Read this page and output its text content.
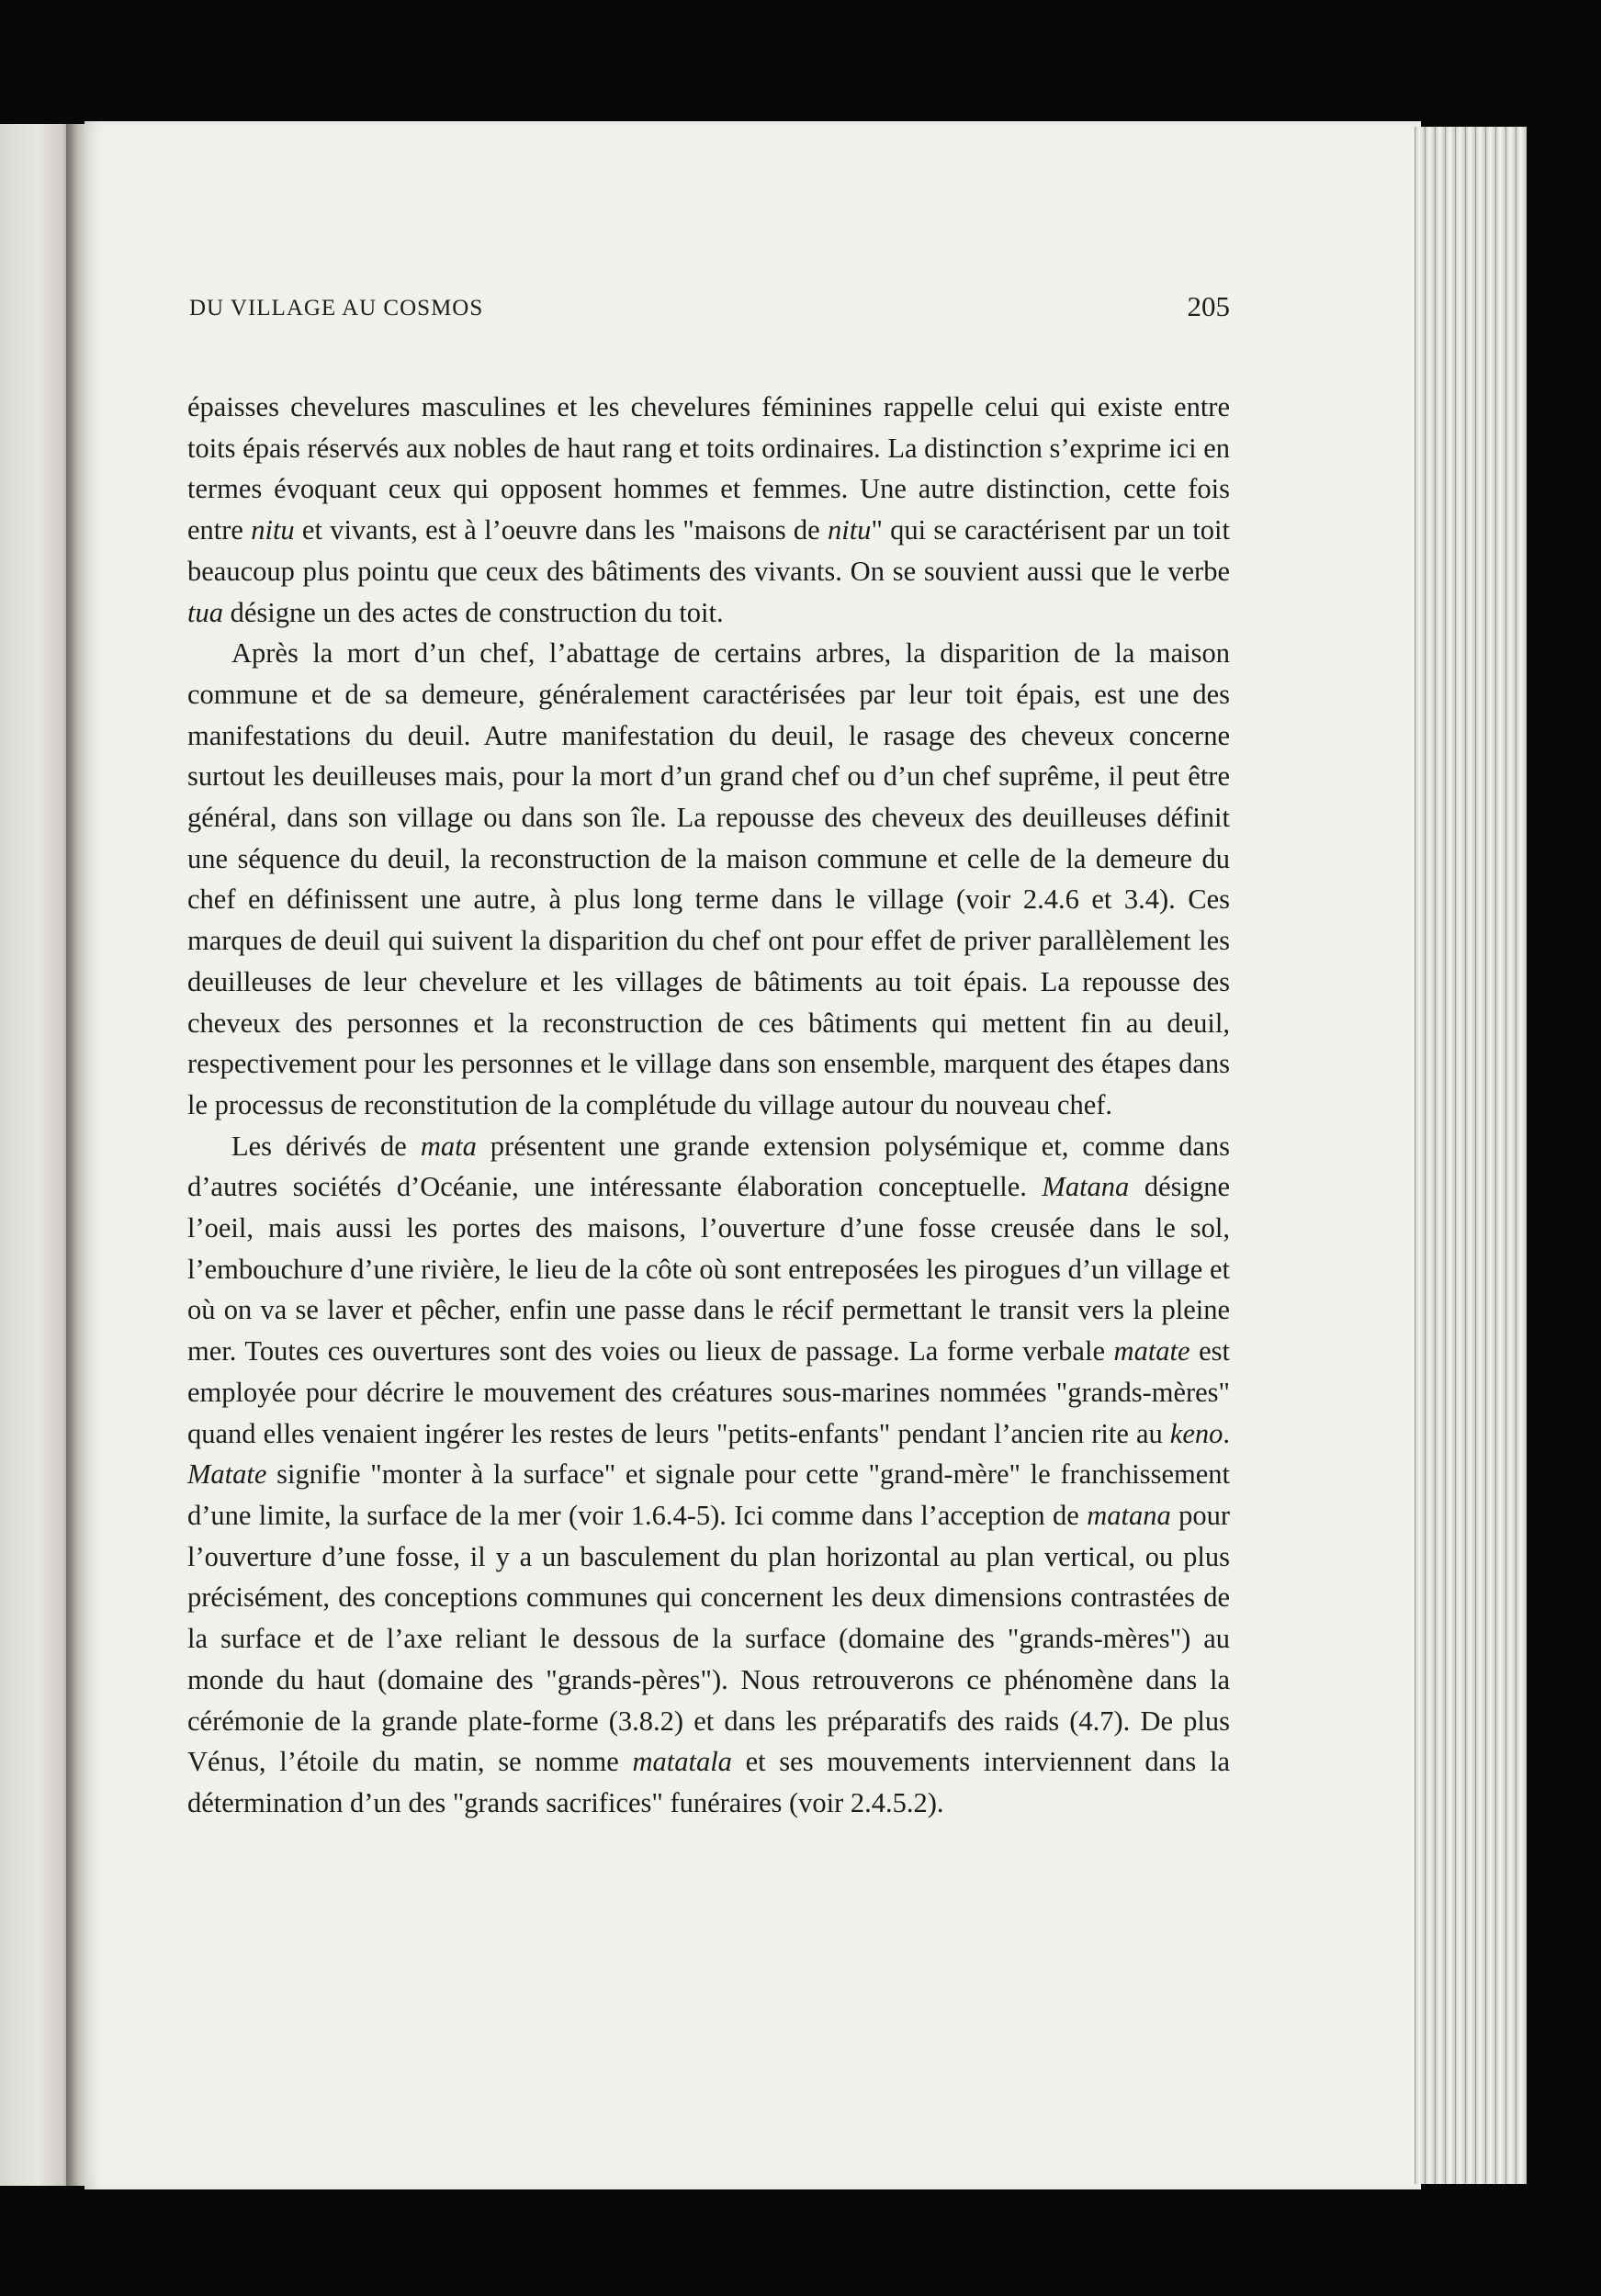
DU VILLAGE AU COSMOS	205

épaisses chevelures masculines et les chevelures féminines rappelle celui qui existe entre toits épais réservés aux nobles de haut rang et toits ordinaires. La distinction s’exprime ici en termes évoquant ceux qui opposent hommes et femmes. Une autre distinction, cette fois entre nitu et vivants, est à l’oeuvre dans les "maisons de nitu" qui se caractérisent par un toit beaucoup plus pointu que ceux des bâtiments des vivants. On se souvient aussi que le verbe tua désigne un des actes de construction du toit.

Après la mort d’un chef, l’abattage de certains arbres, la disparition de la maison commune et de sa demeure, généralement caractérisées par leur toit épais, est une des manifestations du deuil. Autre manifestation du deuil, le rasage des cheveux concerne surtout les deuilleuses mais, pour la mort d’un grand chef ou d’un chef suprême, il peut être général, dans son village ou dans son île. La repousse des cheveux des deuilleuses définit une séquence du deuil, la reconstruction de la maison commune et celle de la demeure du chef en définissent une autre, à plus long terme dans le village (voir 2.4.6 et 3.4). Ces marques de deuil qui suivent la disparition du chef ont pour effet de priver parallèlement les deuilleuses de leur chevelure et les villages de bâtiments au toit épais. La repousse des cheveux des personnes et la reconstruction de ces bâtiments qui mettent fin au deuil, respectivement pour les personnes et le village dans son ensemble, marquent des étapes dans le processus de reconstitution de la complétude du village autour du nouveau chef.

Les dérivés de mata présentent une grande extension polysémique et, comme dans d’autres sociétés d’Océanie, une intéressante élaboration conceptuelle. Matana désigne l’oeil, mais aussi les portes des maisons, l’ouverture d’une fosse creusée dans le sol, l’embouchure d’une rivière, le lieu de la côte où sont entreposées les pirogues d’un village et où on va se laver et pêcher, enfin une passe dans le récif permettant le transit vers la pleine mer. Toutes ces ouvertures sont des voies ou lieux de passage. La forme verbale matate est employée pour décrire le mouvement des créatures sous-marines nommées "grands-mères" quand elles venaient ingérer les restes de leurs "petits-enfants" pendant l’ancien rite au keno. Matate signifie "monter à la surface" et signale pour cette "grand-mère" le franchissement d’une limite, la surface de la mer (voir 1.6.4-5). Ici comme dans l’acception de matana pour l’ouverture d’une fosse, il y a un basculement du plan horizontal au plan vertical, ou plus précisément, des conceptions communes qui concernent les deux dimensions contrastées de la surface et de l’axe reliant le dessous de la surface (domaine des "grands-mères") au monde du haut (domaine des "grands-pères"). Nous retrouverons ce phénomène dans la cérémonie de la grande plate-forme (3.8.2) et dans les préparatifs des raids (4.7). De plus Vénus, l’étoile du matin, se nomme matatala et ses mouvements interviennent dans la détermination d’un des "grands sacrifices" funéraires (voir 2.4.5.2).
